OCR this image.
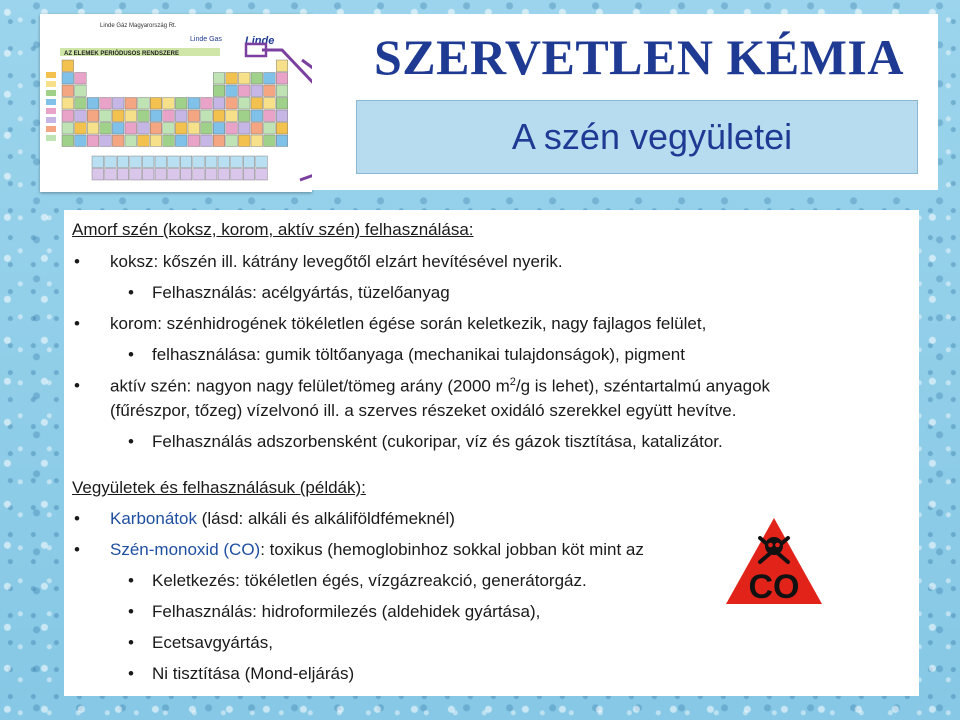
Linde Gáz Magyarország Rt.
Linde Gas Linde
AZ ELEMEK PERIÓDUSOS RENDSZERE	SZERVETLEN KÉMIA
A szén vegyületei
Amorf szén (koksz, korom, aktív szén) felhasználása:
• koksz: kőszén ill. kátrány levegőtől elzárt hevítésével nyerik.
• Felhasználás: acélgyártás, tüzelőanyag
• korom: szénhidrogének tökéletlen égése során keletkezik, nagy fajlagos felület,
• felhasználása: gumik töltőanyaga (mechanikai tulajdonságok), pigment
• aktív szén: nagyon nagy felület/tömeg arány (2000 $m^2/g$ is lehet), széntartalmú anyagok
(fűrészpor, tőzeg) vízelvonó ill. a szerves részeket oxidáló szerekkel együtt hevítve.
• Felhasználás adszorbensként (cukoripar, víz és gázok tisztítása, katalizátor.
Vegyületek és felhasználásuk (példák):
• Karbonátok (lásd: alkáli és alkáliföldfémeknél)
• Szén-monoxid (CO): toxikus (hemoglobinhoz sokkal jobban köt mint az
• Keletkezés: tökéletlen égés, vízgázreakció, generátorgáz.
• Felhasználás: hidroformilezés (aldehidek gyártása),
• Ecetsavgyártás,
• Ni tisztítása (Mond-eljárás)
CO
